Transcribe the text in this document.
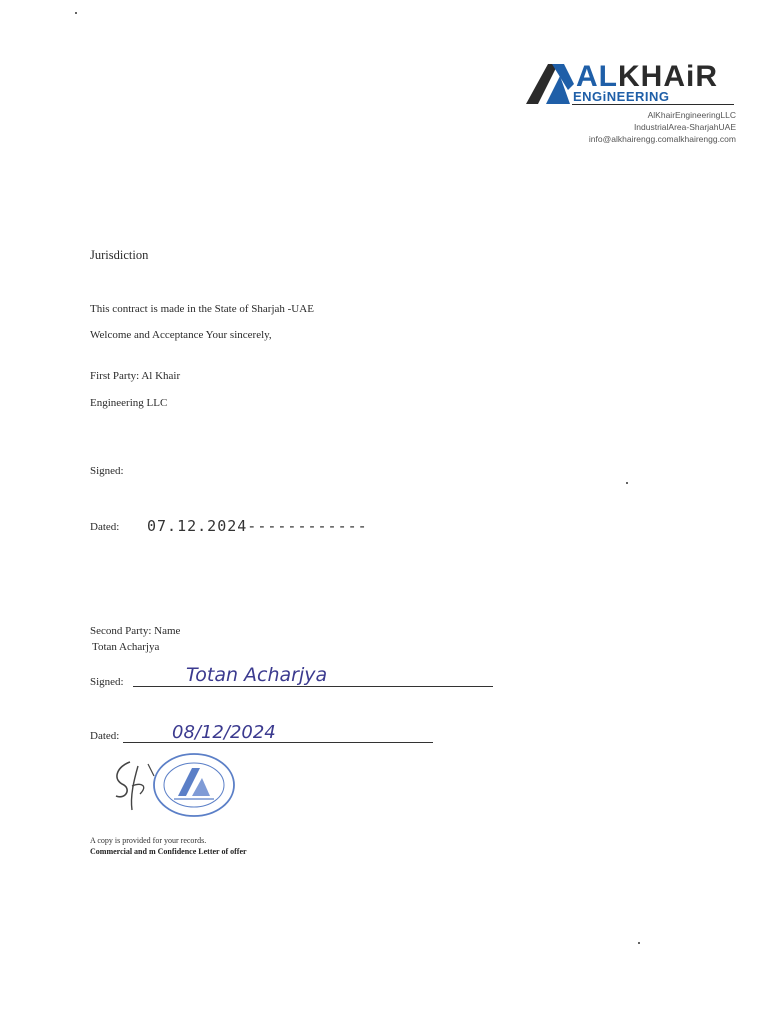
ALKHAiR
ENGiNEERING
AlKhairEngineeringLLC
IndustrialArea-SharjahUAE
info@alkhairengg.comalkhairengg.com
Jurisdiction
This contract is made in the State of Sharjah -UAE
Welcome and Acceptance Your sincerely,
First Party: Al Khair
Engineering LLC
Signed:
Dated: 07.12.2024------------
Second Party: Name
Totan Acharjya
Signed:	Totan Acharjya
Dated:	08/12/2024
A copy is provided for your records.
Commercial and m Confidence Letter of offer
